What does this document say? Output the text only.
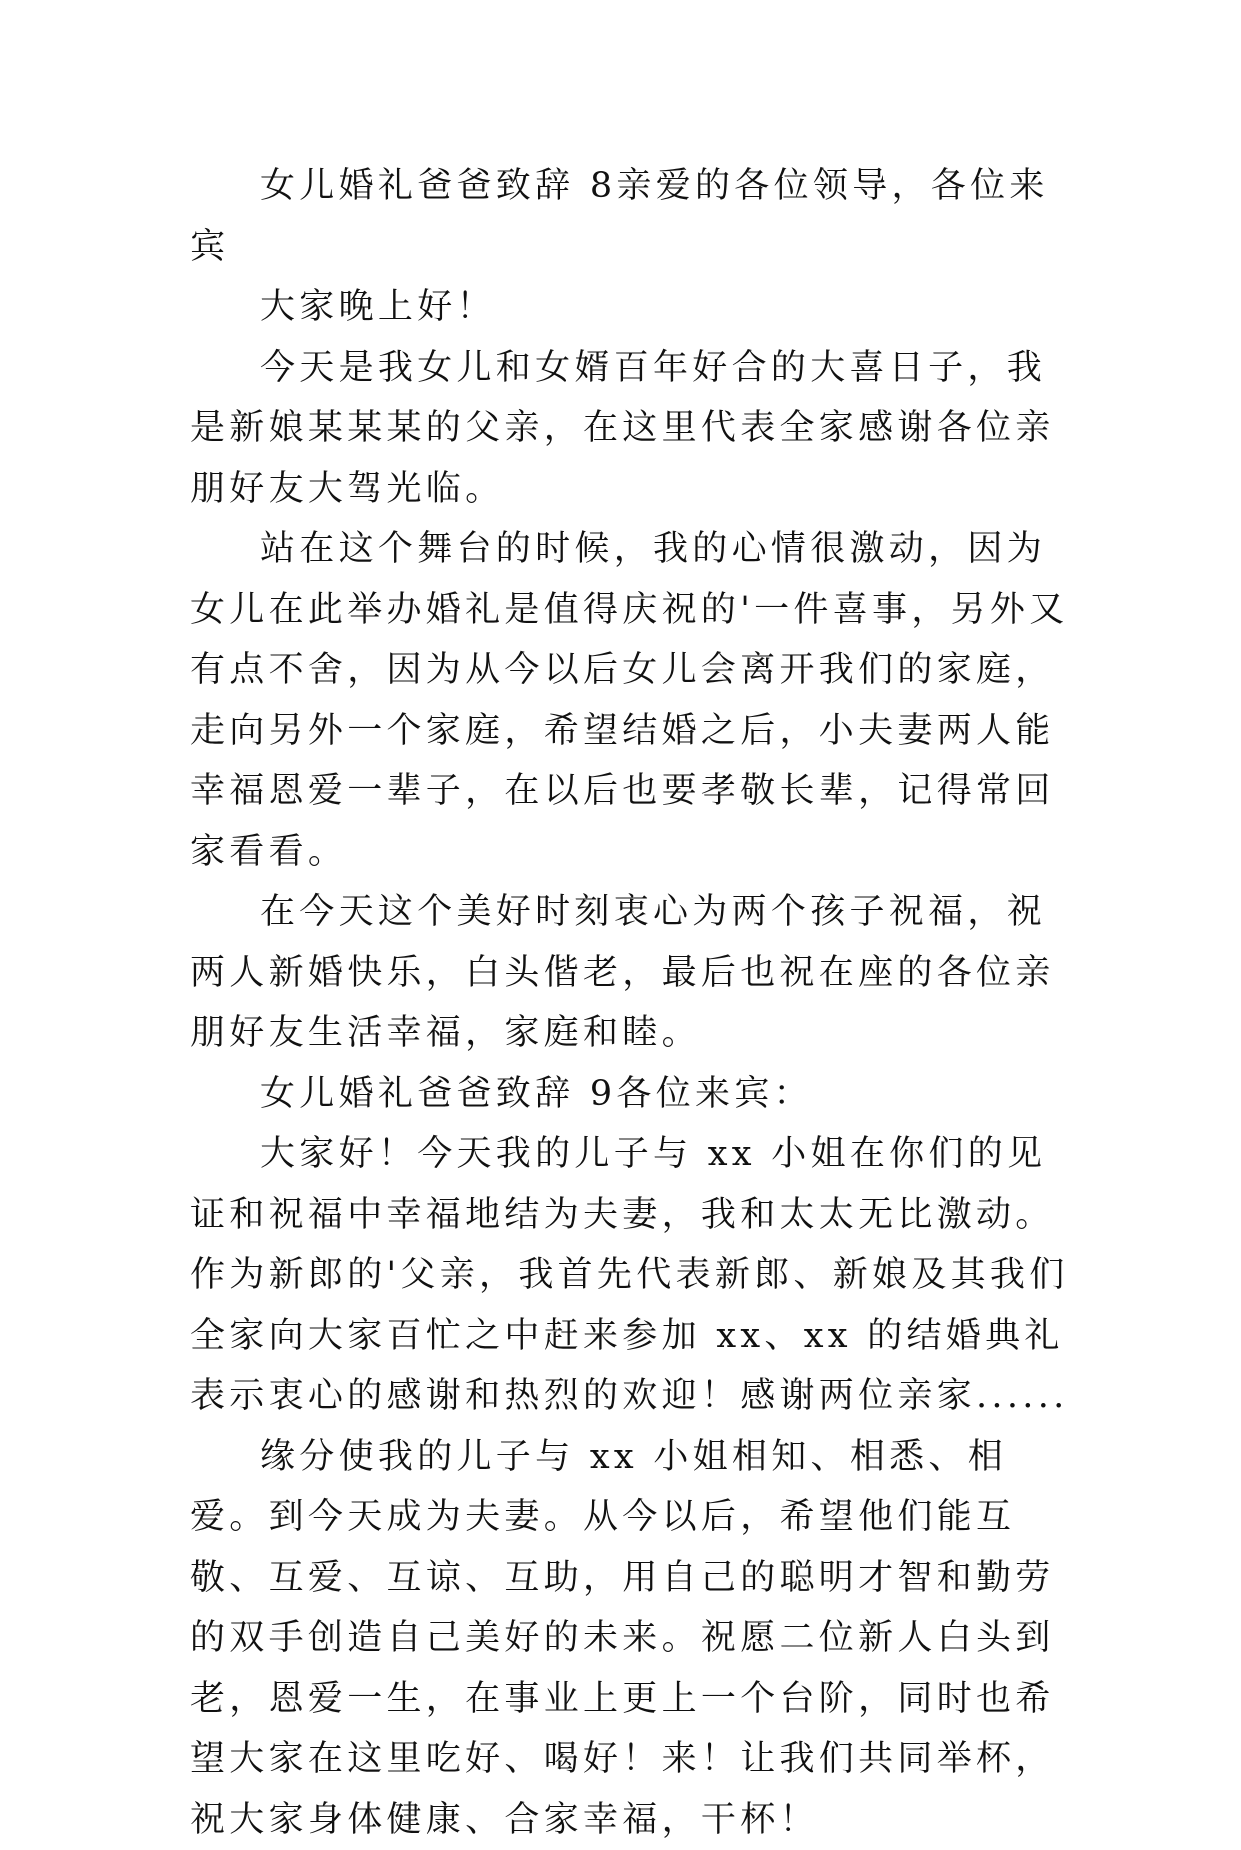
女儿婚礼爸爸致辞 8亲爱的各位领导，各位来宾

大家晚上好！

今天是我女儿和女婿百年好合的大喜日子，我是新娘某某某的父亲，在这里代表全家感谢各位亲朋好友大驾光临。

站在这个舞台的时候，我的心情很激动，因为女儿在此举办婚礼是值得庆祝的'一件喜事，另外又有点不舍，因为从今以后女儿会离开我们的家庭，走向另外一个家庭，希望结婚之后，小夫妻两人能幸福恩爱一辈子，在以后也要孝敬长辈，记得常回家看看。

在今天这个美好时刻衷心为两个孩子祝福，祝两人新婚快乐，白头偕老，最后也祝在座的各位亲朋好友生活幸福，家庭和睦。

女儿婚礼爸爸致辞 9各位来宾：

大家好！今天我的儿子与 xx 小姐在你们的见证和祝福中幸福地结为夫妻，我和太太无比激动。作为新郎的'父亲，我首先代表新郎、新娘及其我们全家向大家百忙之中赶来参加 xx、xx 的结婚典礼表示衷心的感谢和热烈的欢迎！感谢两位亲家......

缘分使我的儿子与 xx 小姐相知、相悉、相爱。到今天成为夫妻。从今以后，希望他们能互敬、互爱、互谅、互助，用自己的聪明才智和勤劳的双手创造自己美好的未来。祝愿二位新人白头到老，恩爱一生，在事业上更上一个台阶，同时也希望大家在这里吃好、喝好！来！让我们共同举杯，祝大家身体健康、合家幸福，干杯！
